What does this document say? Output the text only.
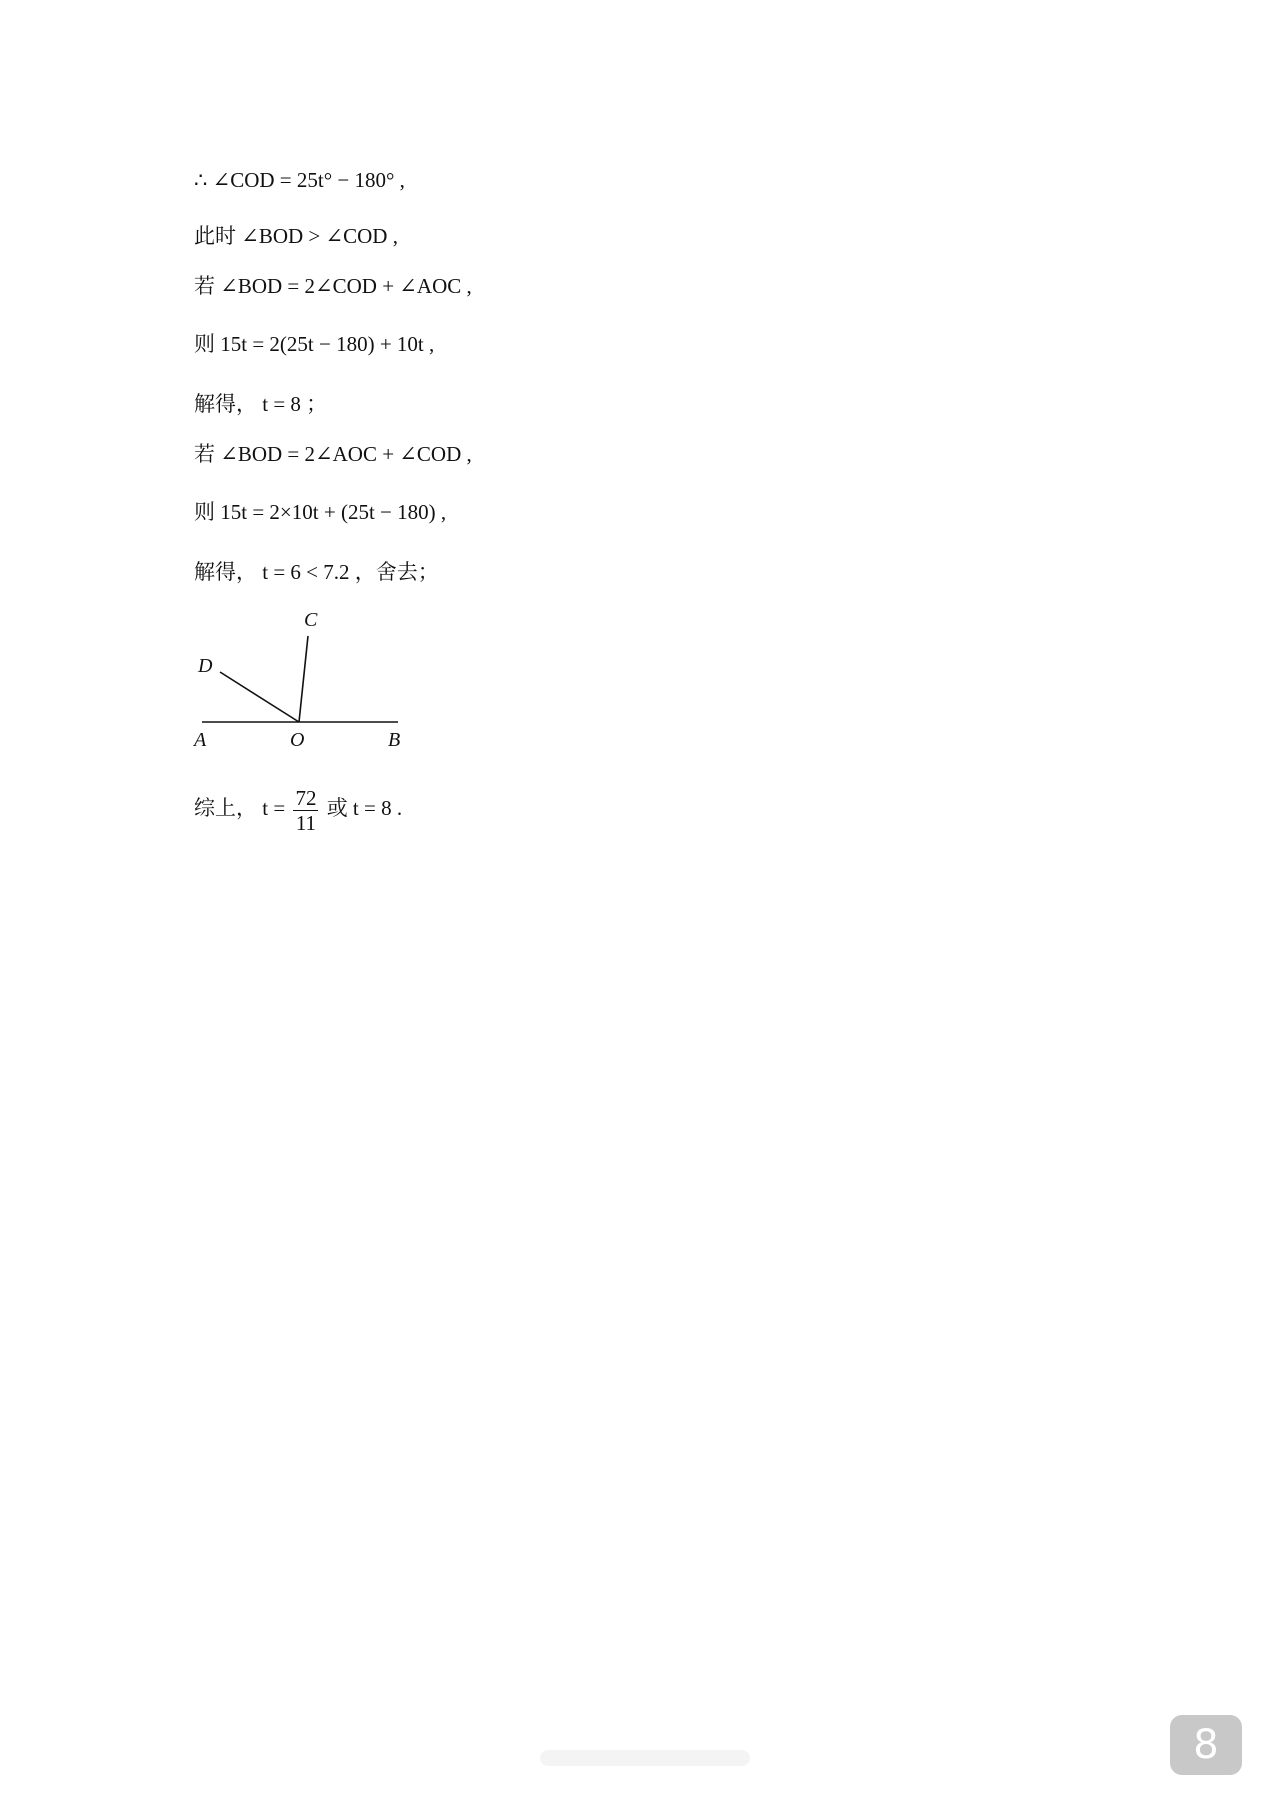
∴ ∠COD = 25t° − 180° ,
此时 ∠BOD > ∠COD ,
若 ∠BOD = 2∠COD + ∠AOC ,
则 15t = 2(25t − 180) + 10t ,
解得， t = 8 ；
若 ∠BOD = 2∠AOC + ∠COD ,
则 15t = 2×10t + (25t − 180) ,
解得， t = 6 < 7.2 ，舍去；
A	O	B
C
D
综上， $t = \frac{72}{11}$ 或 t = 8 .
8
